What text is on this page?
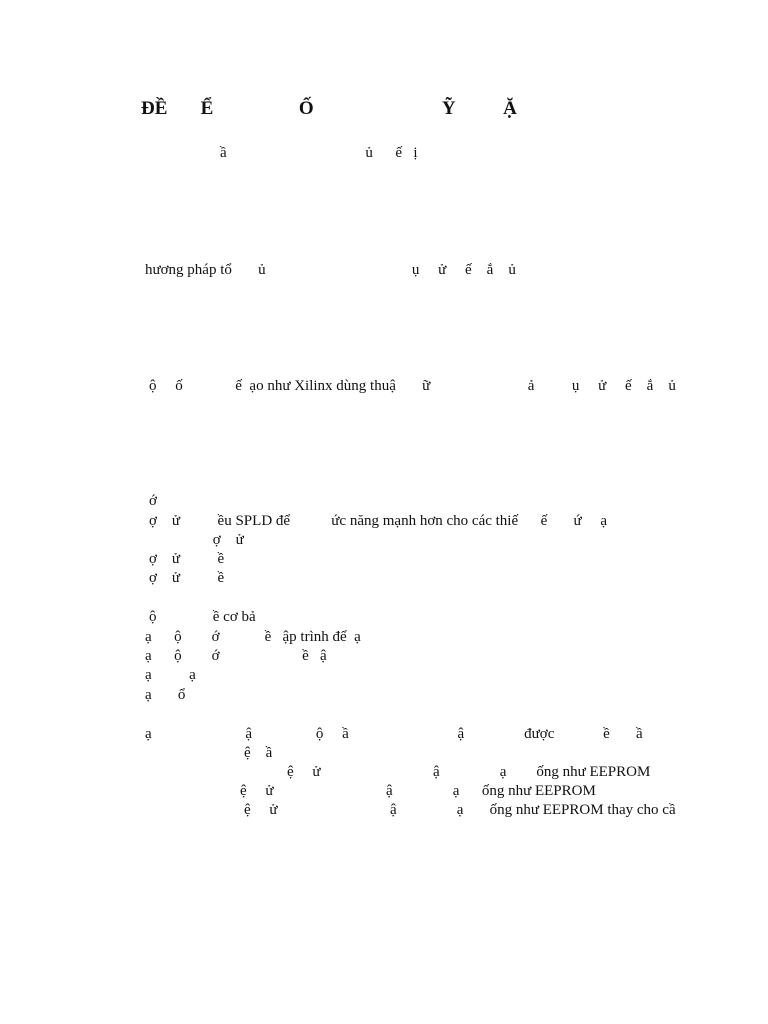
ĐỀ       Ể                  Ố                           Ỹ          Ặ
ầ                                     ủ      ế   ị
hương pháp tổ       ủ                                       ụ     ử     ế    ắ    ủ
ộ     ố              ế  ạo như Xilinx dùng thuậ       ữ                          ả          ụ     ử     ế    ắ    ủ
ớ
ợ    ử          ều SPLD để           ức năng mạnh hơn cho các thiế      ế       ứ     ạ
ợ    ử
ợ    ử          ề
ợ    ử          ề
ộ               ề cơ bả
ạ      ộ        ớ            ề   ập trình để  ạ
ạ      ộ        ớ                      ề   ậ
ạ          ạ
ạ       ổ
ạ                         ậ                 ộ     ầ                             ậ                được             ề       ầ
ệ    ầ
ệ     ử                              ậ                ạ        ống như EEPROM
ệ     ử                              ậ                ạ      ống như EEPROM
ệ     ử                              ậ                ạ       ống như EEPROM thay cho cầ
